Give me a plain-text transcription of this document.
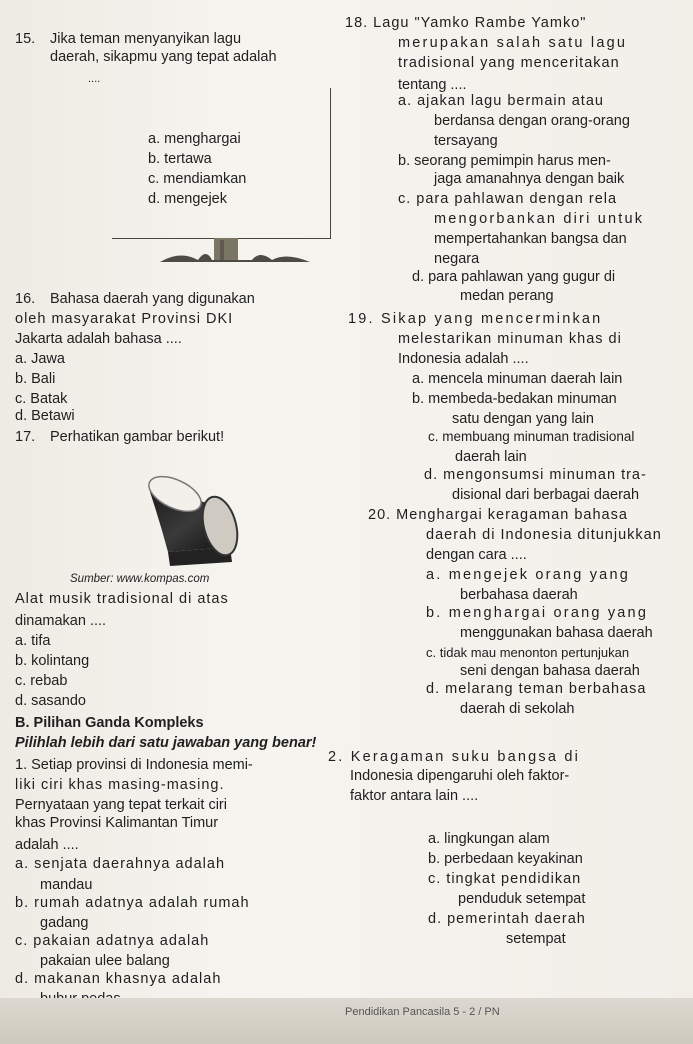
15. Jika teman menyanyikan lagu
daerah, sikapmu yang tepat adalah
....
a. menghargai
b. tertawa
c. mendiamkan
d. mengejek
16. Bahasa daerah yang digunakan
oleh masyarakat Provinsi DKI
Jakarta adalah bahasa ....
a. Jawa
b. Bali
c. Batak
d. Betawi
17. Perhatikan gambar berikut!
Sumber: www.kompas.com
Alat musik tradisional di atas
dinamakan ....
a. tifa
b. kolintang
c. rebab
d. sasando
B. Pilihan Ganda Kompleks
Pilihlah lebih dari satu jawaban yang benar!
1. Setiap provinsi di Indonesia memi-
liki ciri khas masing-masing.
Pernyataan yang tepat terkait ciri
khas Provinsi Kalimantan Timur
adalah ....
a. senjata daerahnya adalah
mandau
b. rumah adatnya adalah rumah
gadang
c. pakaian adatnya adalah
pakaian ulee balang
d. makanan khasnya adalah
18. Lagu "Yamko Rambe Yamko"
merupakan salah satu lagu
tradisional yang menceritakan
tentang ....
a. ajakan lagu bermain atau
berdansa dengan orang-orang
tersayang
b. seorang pemimpin harus men-
jaga amanahnya dengan baik
c. para pahlawan dengan rela
mengorbankan diri untuk
mempertahankan bangsa dan
negara
d. para pahlawan yang gugur di
medan perang
19. Sikap yang mencerminkan
melestarikan minuman khas di
Indonesia adalah ....
a. mencela minuman daerah lain
b. membeda-bedakan minuman
satu dengan yang lain
c. membuang minuman tradisional
daerah lain
d. mengonsumsi minuman tra-
disional dari berbagai daerah
20. Menghargai keragaman bahasa
daerah di Indonesia ditunjukkan
dengan cara ....
a. mengejek orang yang
berbahasa daerah
b. menghargai orang yang
menggunakan bahasa daerah
c. tidak mau menonton pertunjukan
seni dengan bahasa daerah
d. melarang teman berbahasa
daerah di sekolah
2. Keragaman suku bangsa di
Indonesia dipengaruhi oleh faktor-
faktor antara lain ....
a. lingkungan alam
b. perbedaan keyakinan
c. tingkat pendidikan
penduduk setempat
d. pemerintah daerah
setempat
Pendidikan Pancasila 5 - 2 / PN
